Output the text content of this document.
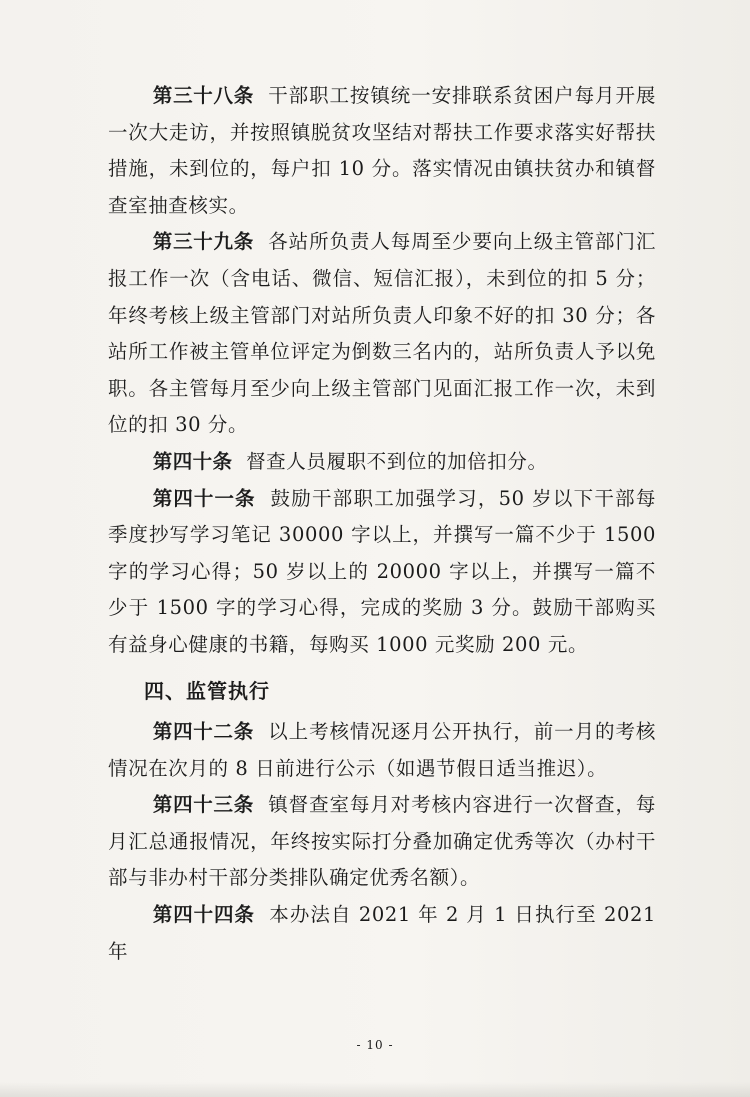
第三十八条 干部职工按镇统一安排联系贫困户每月开展一次大走访，并按照镇脱贫攻坚结对帮扶工作要求落实好帮扶措施，未到位的，每户扣 10 分。落实情况由镇扶贫办和镇督查室抽查核实。

第三十九条 各站所负责人每周至少要向上级主管部门汇报工作一次（含电话、微信、短信汇报），未到位的扣 5 分；年终考核上级主管部门对站所负责人印象不好的扣 30 分；各站所工作被主管单位评定为倒数三名内的，站所负责人予以免职。各主管每月至少向上级主管部门见面汇报工作一次，未到位的扣 30 分。

第四十条 督查人员履职不到位的加倍扣分。

第四十一条 鼓励干部职工加强学习，50 岁以下干部每季度抄写学习笔记 30000 字以上，并撰写一篇不少于 1500 字的学习心得；50 岁以上的 20000 字以上，并撰写一篇不少于 1500 字的学习心得，完成的奖励 3 分。鼓励干部购买有益身心健康的书籍，每购买 1000 元奖励 200 元。

四、监管执行

第四十二条 以上考核情况逐月公开执行，前一月的考核情况在次月的 8 日前进行公示（如遇节假日适当推迟）。

第四十三条 镇督查室每月对考核内容进行一次督查，每月汇总通报情况，年终按实际打分叠加确定优秀等次（办村干部与非办村干部分类排队确定优秀名额）。

第四十四条 本办法自 2021 年 2 月 1 日执行至 2021 年

- 10 -
